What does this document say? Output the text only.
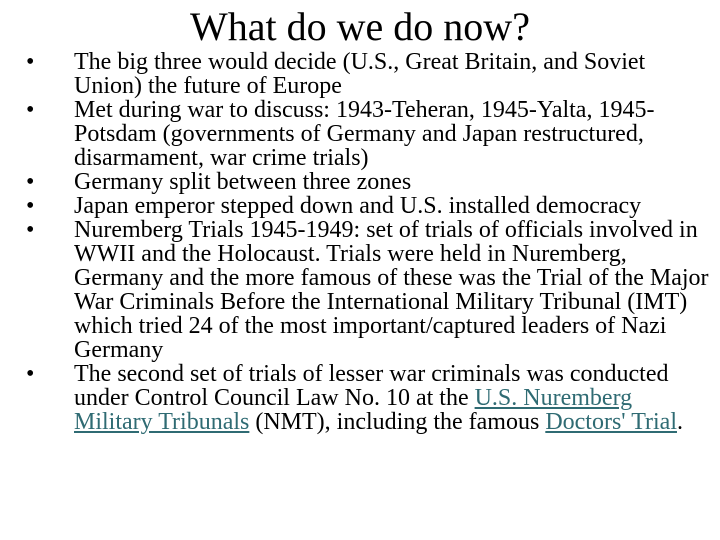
What do we do now?
•	The big three would decide (U.S., Great Britain, and Soviet Union) the future of Europe
•	Met during war to discuss: 1943-Teheran, 1945-Yalta, 1945-Potsdam (governments of Germany and Japan restructured, disarmament, war crime trials)
•	Germany split between three zones
•	Japan emperor stepped down and U.S. installed democracy
•	Nuremberg Trials 1945-1949: set of trials of officials involved in WWII and the Holocaust. Trials were held in Nuremberg, Germany and the more famous of these was the Trial of the Major War Criminals Before the International Military Tribunal (IMT) which tried 24 of the most important/captured leaders of Nazi Germany
•	The second set of trials of lesser war criminals was conducted under Control Council Law No. 10 at the U.S. Nuremberg Military Tribunals (NMT), including the famous Doctors' Trial.
